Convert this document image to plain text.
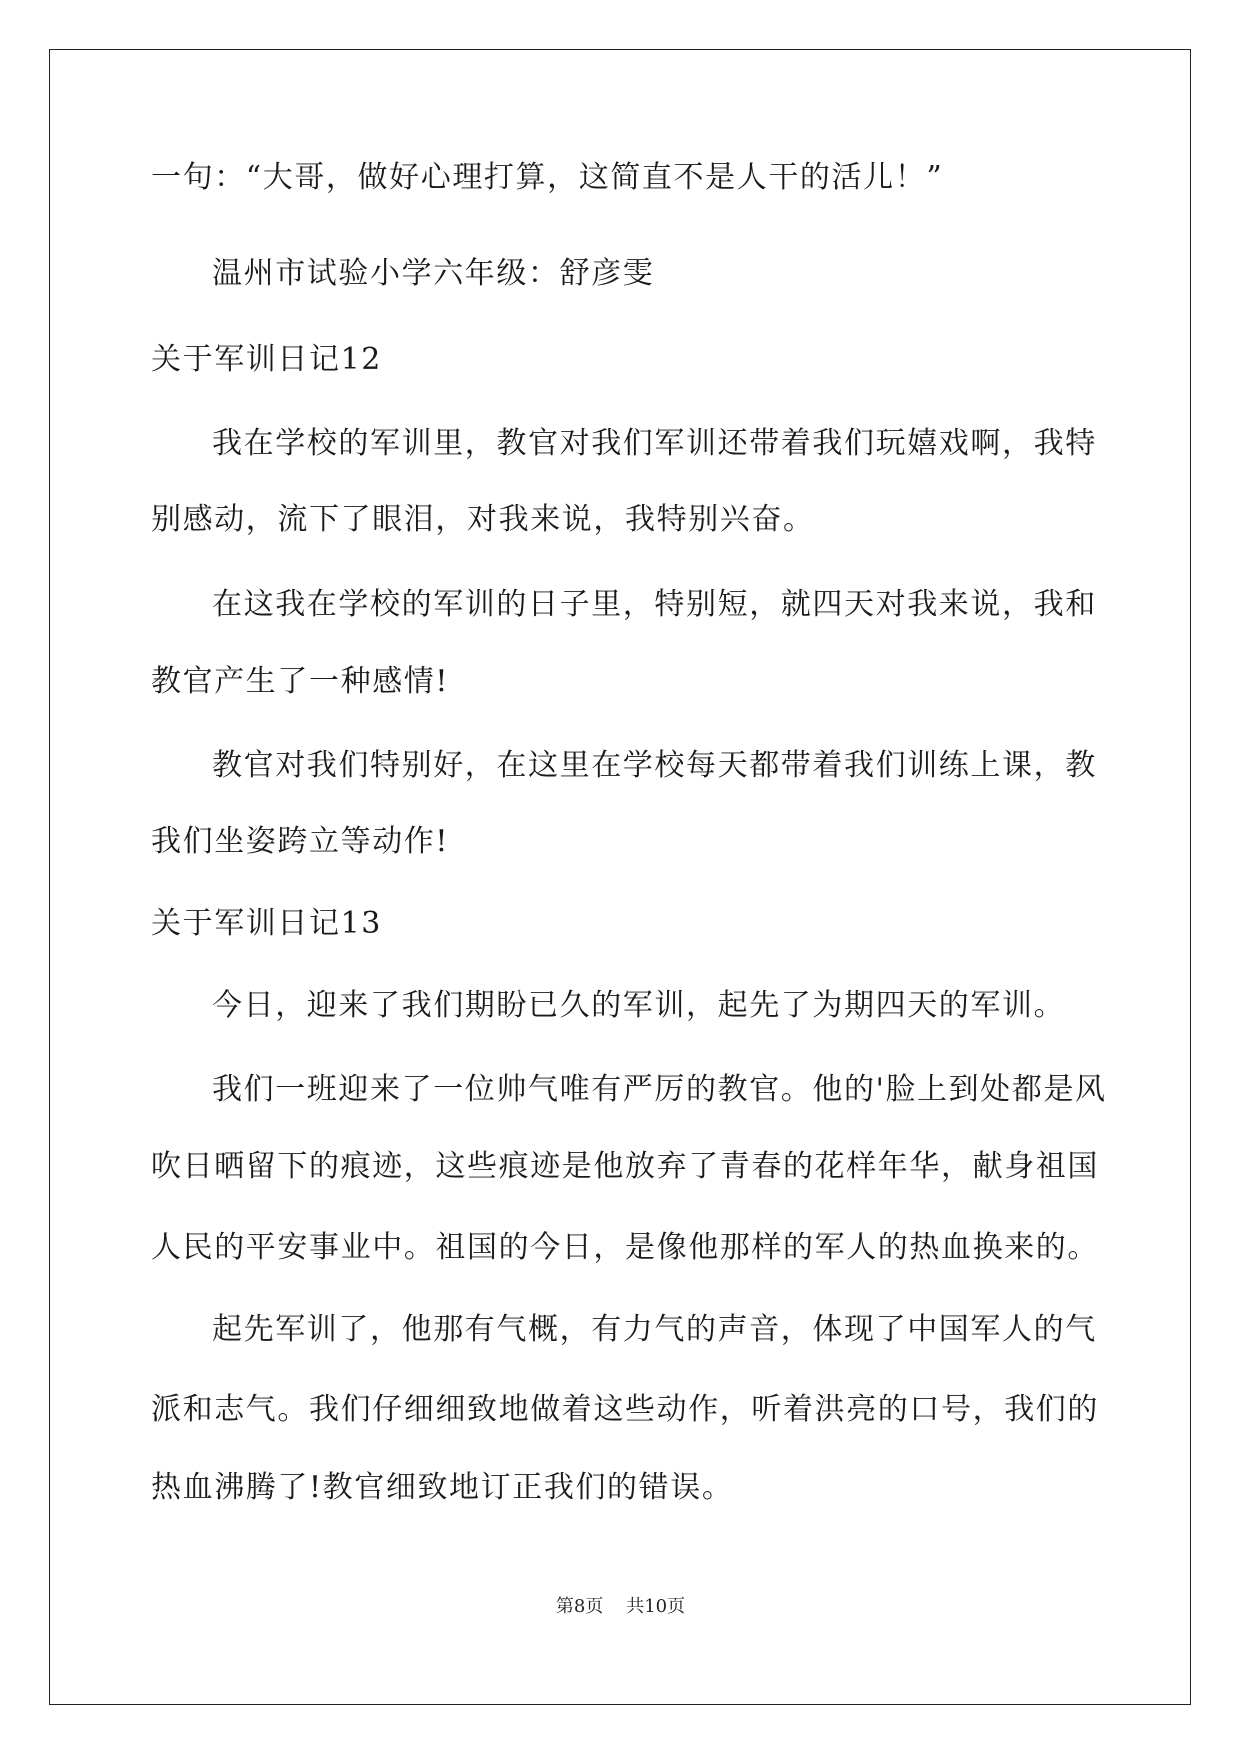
一句：“大哥，做好心理打算，这简直不是人干的活儿！”
温州市试验小学六年级：舒彦雯
关于军训日记12
我在学校的军训里，教官对我们军训还带着我们玩嬉戏啊，我特
别感动，流下了眼泪，对我来说，我特别兴奋。
在这我在学校的军训的日子里，特别短，就四天对我来说，我和
教官产生了一种感情!
教官对我们特别好，在这里在学校每天都带着我们训练上课，教
我们坐姿跨立等动作!
关于军训日记13
今日，迎来了我们期盼已久的军训，起先了为期四天的军训。
我们一班迎来了一位帅气唯有严厉的教官。他的'脸上到处都是风
吹日晒留下的痕迹，这些痕迹是他放弃了青春的花样年华，献身祖国
人民的平安事业中。祖国的今日，是像他那样的军人的热血换来的。
起先军训了，他那有气概，有力气的声音，体现了中国军人的气
派和志气。我们仔细细致地做着这些动作，听着洪亮的口号，我们的
热血沸腾了!教官细致地订正我们的错误。
第8页 共10页
